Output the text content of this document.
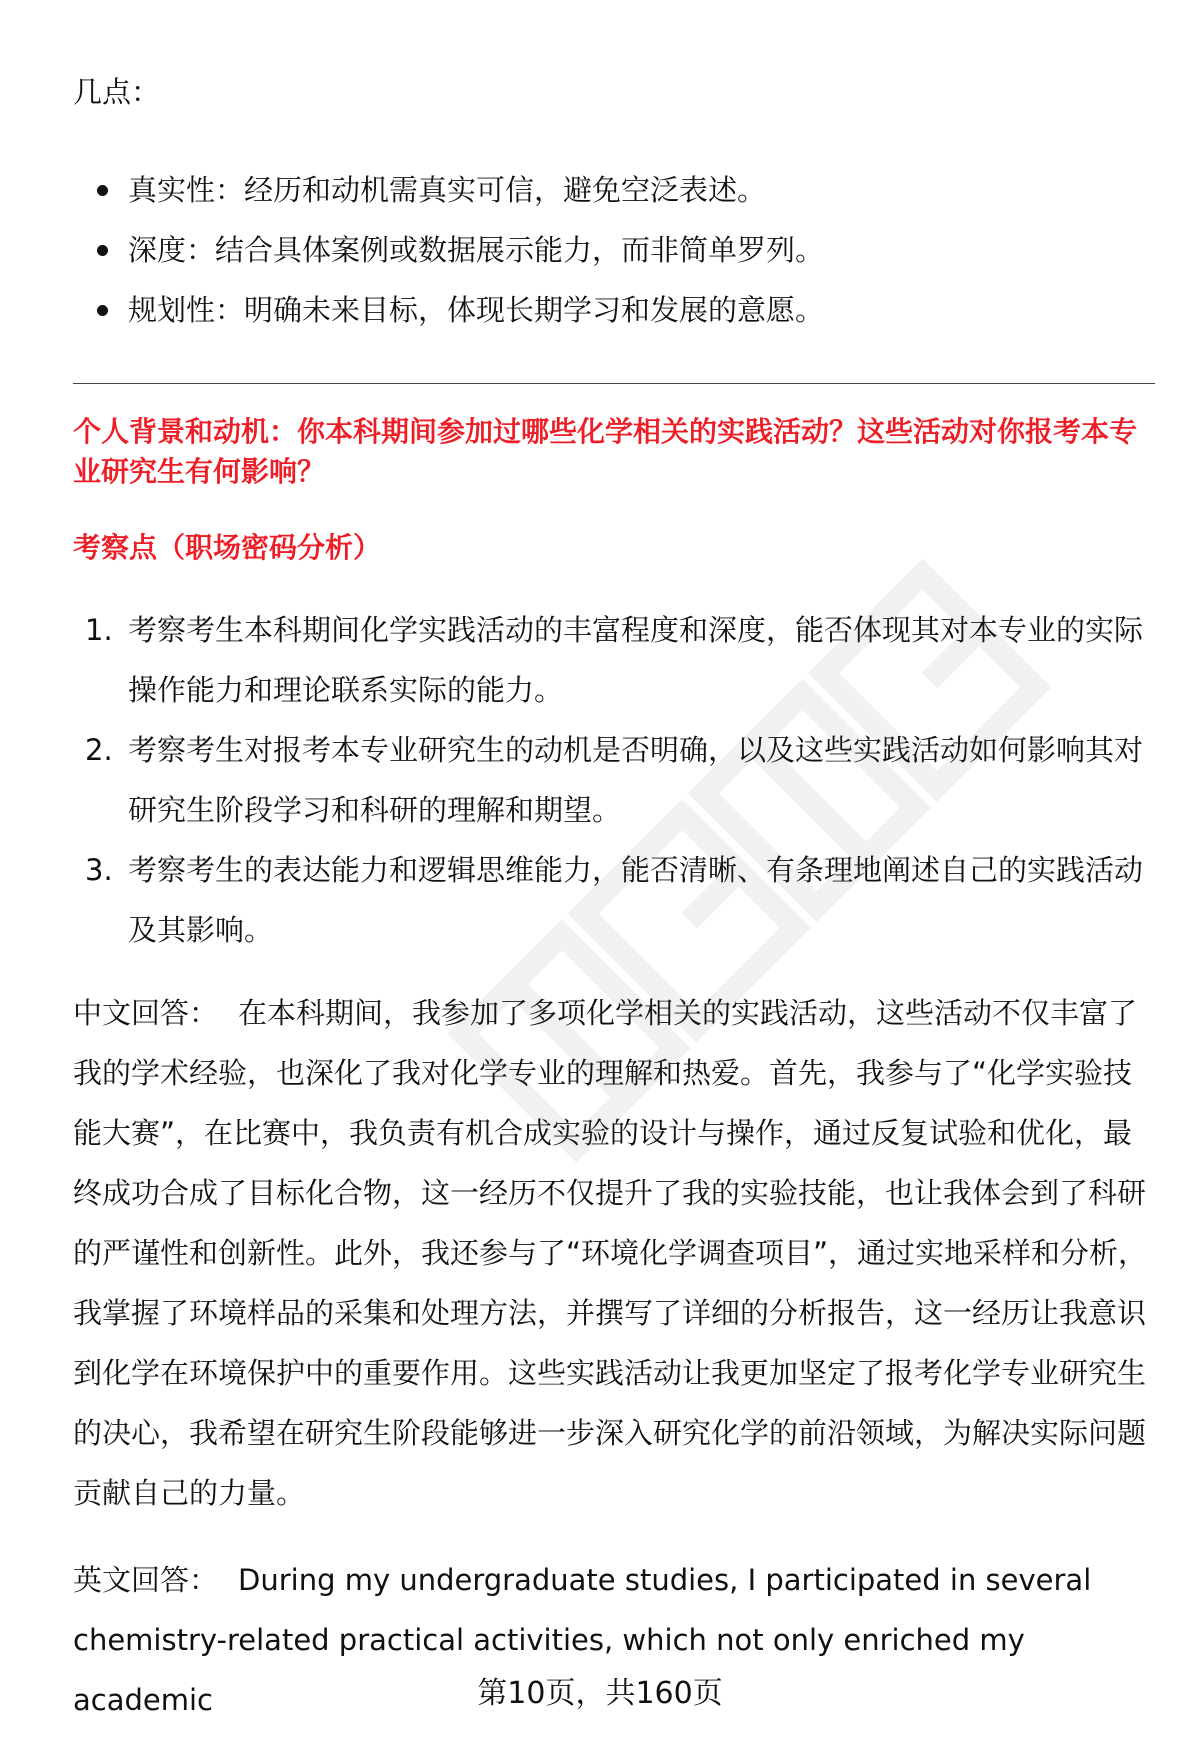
几点：

真实性：经历和动机需真实可信，避免空泛表述。
深度：结合具体案例或数据展示能力，而非简单罗列。
规划性：明确未来目标，体现长期学习和发展的意愿。

个人背景和动机：你本科期间参加过哪些化学相关的实践活动？这些活动对你报考本专业研究生有何影响？

考察点（职场密码分析）

1. 考察考生本科期间化学实践活动的丰富程度和深度，能否体现其对本专业的实际操作能力和理论联系实际的能力。
2. 考察考生对报考本专业研究生的动机是否明确，以及这些实践活动如何影响其对研究生阶段学习和科研的理解和期望。
3. 考察考生的表达能力和逻辑思维能力，能否清晰、有条理地阐述自己的实践活动及其影响。

中文回答： 在本科期间，我参加了多项化学相关的实践活动，这些活动不仅丰富了我的学术经验，也深化了我对化学专业的理解和热爱。首先，我参与了“化学实验技能大赛”，在比赛中，我负责有机合成实验的设计与操作，通过反复试验和优化，最终成功合成了目标化合物，这一经历不仅提升了我的实验技能，也让我体会到了科研的严谨性和创新性。此外，我还参与了“环境化学调查项目”，通过实地采样和分析，我掌握了环境样品的采集和处理方法，并撰写了详细的分析报告，这一经历让我意识到化学在环境保护中的重要作用。这些实践活动让我更加坚定了报考化学专业研究生的决心，我希望在研究生阶段能够进一步深入研究化学的前沿领域，为解决实际问题贡献自己的力量。

英文回答： During my undergraduate studies, I participated in several chemistry-related practical activities, which not only enriched my academic	第10页，共160页
